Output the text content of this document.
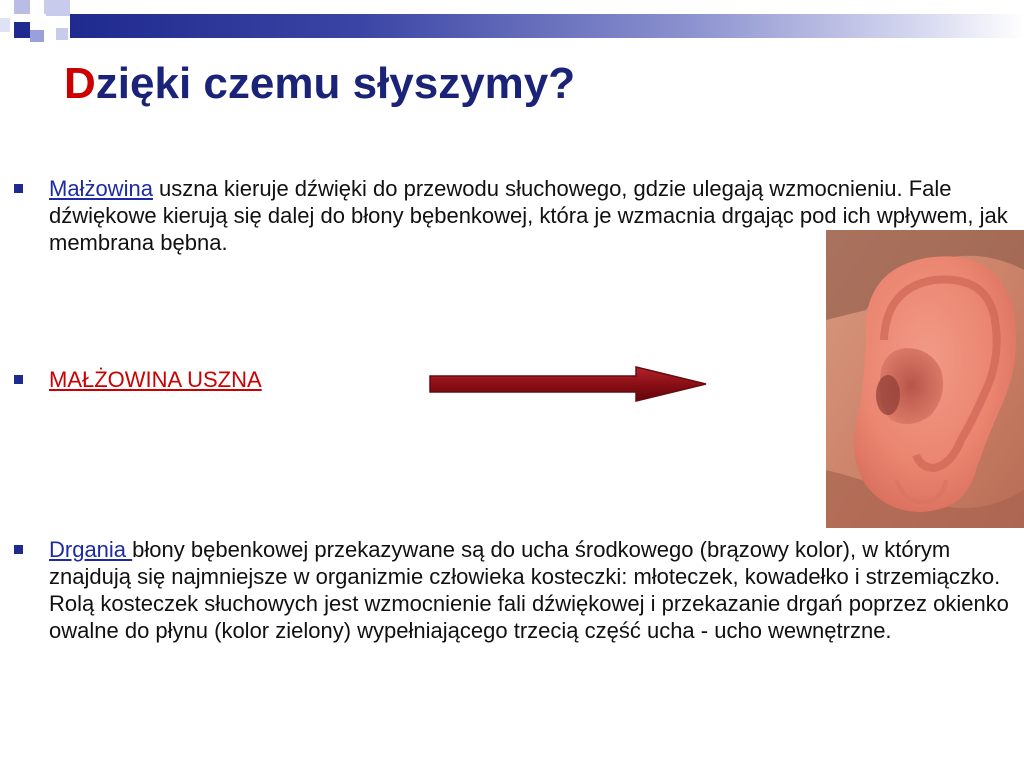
Dzięki czemu słyszymy?

Małżowina uszna kieruje dźwięki do przewodu słuchowego, gdzie ulegają wzmocnieniu. Fale dźwiękowe kierują się dalej do błony bębenkowej, która je wzmacnia drgając pod ich wpływem, jak membrana bębna.

MAŁŻOWINA USZNA

Drgania błony bębenkowej przekazywane są do ucha środkowego (brązowy kolor), w którym znajdują się najmniejsze w organizmie człowieka kosteczki: młoteczek, kowadełko i strzemiączko. Rolą kosteczek słuchowych jest wzmocnienie fali dźwiękowej i przekazanie drgań poprzez okienko owalne do płynu (kolor zielony) wypełniającego trzecią część ucha - ucho wewnętrzne.
